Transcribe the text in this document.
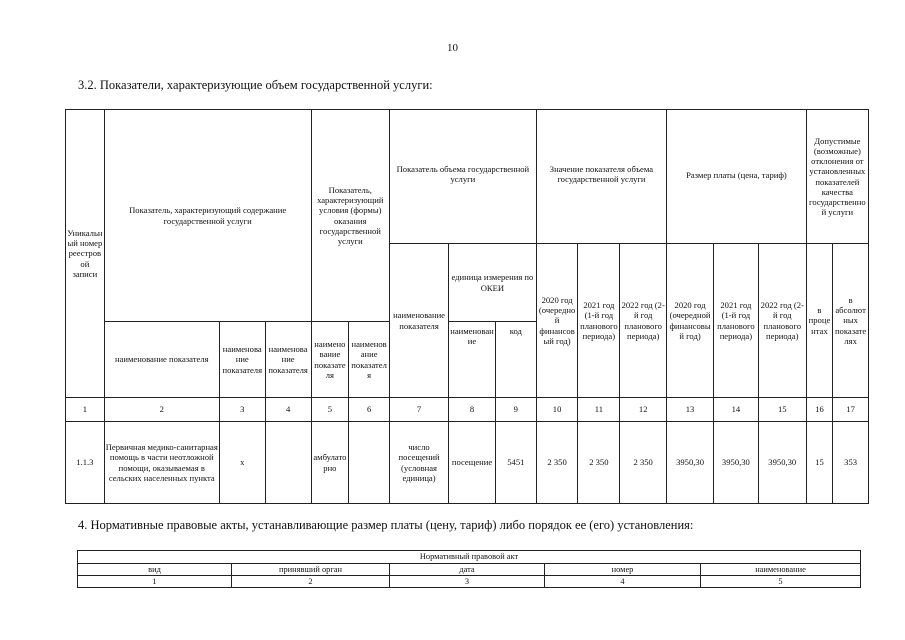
10
3.2. Показатели, характеризующие объем государственной услуги:
Уникальный номер реестровой записи	Показатель, характеризующий содержание государственной услуги			Показатель, характеризующий условия (формы) оказания государственной услуги		Показатель объема государственной услуги			Значение показателя объема государственной услуги			Размер платы (цена, тариф)			Допустимые (возможные) отклонения от установленных показателей качества государственной услуги	

						наименование показателя	единица измерения по ОКЕИ		2020 год (очередной финансовый год)	2021 год (1-й год планового периода)	2022 год (2-й год планового периода)	2020 год (очередной финансовый год)	2021 год (1-й год планового периода)	2022 год (2-й год планового периода)	в процентах	в абсолютных показателях

	наименование показателя	наименование показателя	наименование показателя	наименование показателя	наименование показателя		наименование	код								

1	2	3	4	5	6	7	8	9	10	11	12	13	14	15	16	17
1.1.3	Первичная медико-санитарная помощь в части неотложной помощи, оказываемая в сельских населенных пункта	х		амбулаторно		число посещений (условная единица)	посещение	5451	2 350	2 350	2 350	3950,30	3950,30	3950,30	15	353
4. Нормативные правовые акты, устанавливающие размер платы (цену, тариф) либо порядок ее (его) установления:
Нормативный правовой акт				
вид	принявший орган	дата	номер	наименование
1	2	3	4	5
